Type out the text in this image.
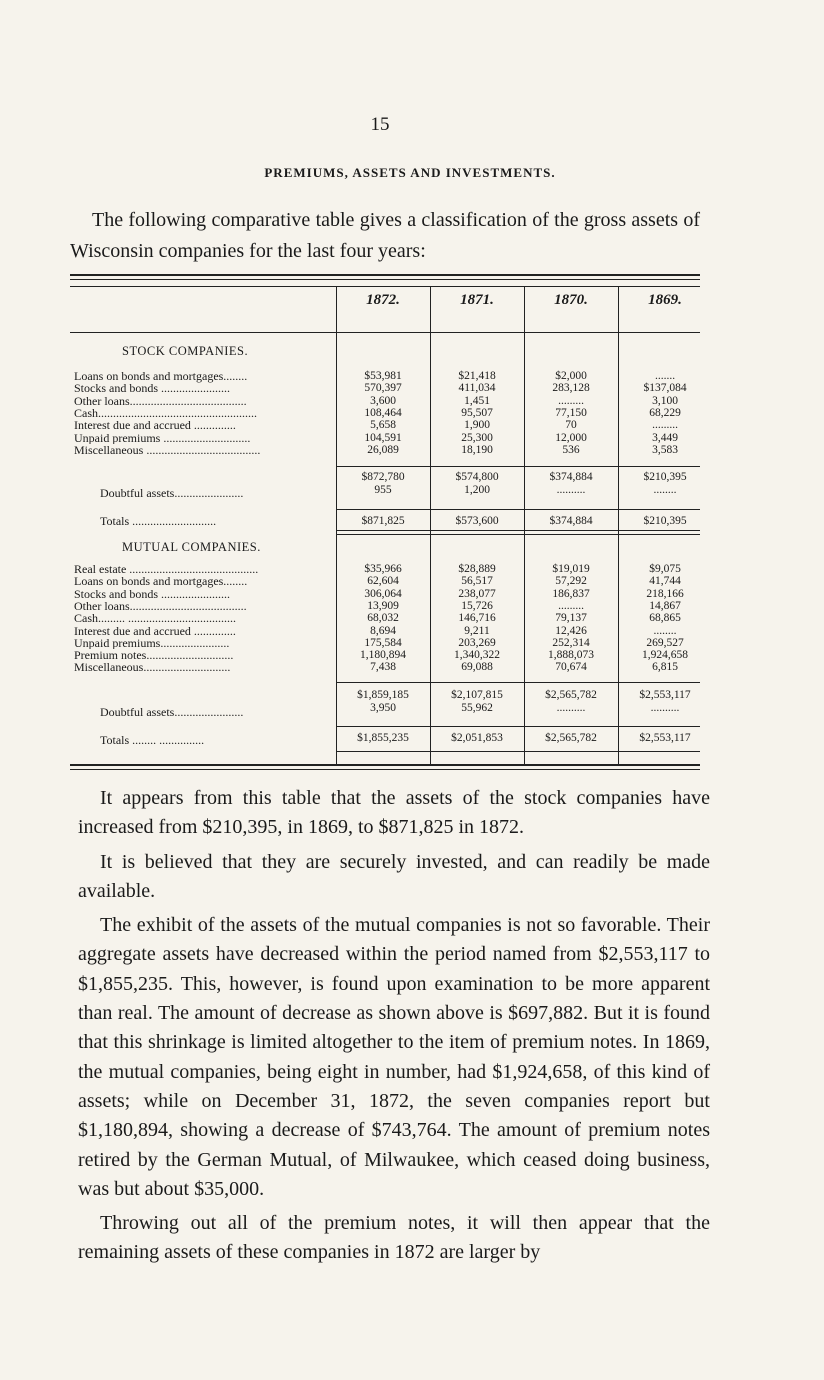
15
PREMIUMS, ASSETS AND INVESTMENTS.
The following comparative table gives a classification of the gross assets of Wisconsin companies for the last four years:
1872.	1871.	1870.	1869.
STOCK COMPANIES.
Loans on bonds and mortgages........	$53,981	$21,418	$2,000	.......
Stocks and bonds .......................	570,397	411,034	283,128	$137,084
Other loans.......................................	3,600	1,451	.........	3,100
Cash.....................................................	108,464	95,507	77,150	68,229
Interest due and accrued ..............	5,658	1,900	70	.........
Unpaid premiums .............................	104,591	25,300	12,000	3,449
Miscellaneous ......................................	26,089	18,190	536	3,583
$872,780	$574,800	$374,884	$210,395
Doubtful assets.......................	955	1,200	..........	........
Totals ............................	$871,825	$573,600	$374,884	$210,395
MUTUAL COMPANIES.
Real estate ...........................................	$35,966	$28,889	$19,019	$9,075
Loans on bonds and mortgages........	62,604	56,517	57,292	41,744
Stocks and bonds .......................	306,064	238,077	186,837	218,166
Other loans.......................................	13,909	15,726	.........	14,867
Cash......... ....................................	68,032	146,716	79,137	68,865
Interest due and accrued ..............	8,694	9,211	12,426	........
Unpaid premiums.......................	175,584	203,269	252,314	269,527
Premium notes.............................	1,180,894	1,340,322	1,888,073	1,924,658
Miscellaneous.............................	7,438	69,088	70,674	6,815
$1,859,185	$2,107,815	$2,565,782	$2,553,117
Doubtful assets.......................	3,950	55,962	..........	..........
Totals ........ ...............	$1,855,235	$2,051,853	$2,565,782	$2,553,117

It appears from this table that the assets of the stock companies have increased from $210,395, in 1869, to $871,825 in 1872.

It is believed that they are securely invested, and can readily be made available.

The exhibit of the assets of the mutual companies is not so favorable. Their aggregate assets have decreased within the period named from $2,553,117 to $1,855,235. This, however, is found upon examination to be more apparent than real. The amount of decrease as shown above is $697,882. But it is found that this shrinkage is limited altogether to the item of premium notes. In 1869, the mutual companies, being eight in number, had $1,924,658, of this kind of assets; while on December 31, 1872, the seven companies report but $1,180,894, showing a decrease of $743,764. The amount of premium notes retired by the German Mutual, of Milwaukee, which ceased doing business, was but about $35,000.

Throwing out all of the premium notes, it will then appear that the remaining assets of these companies in 1872 are larger by
